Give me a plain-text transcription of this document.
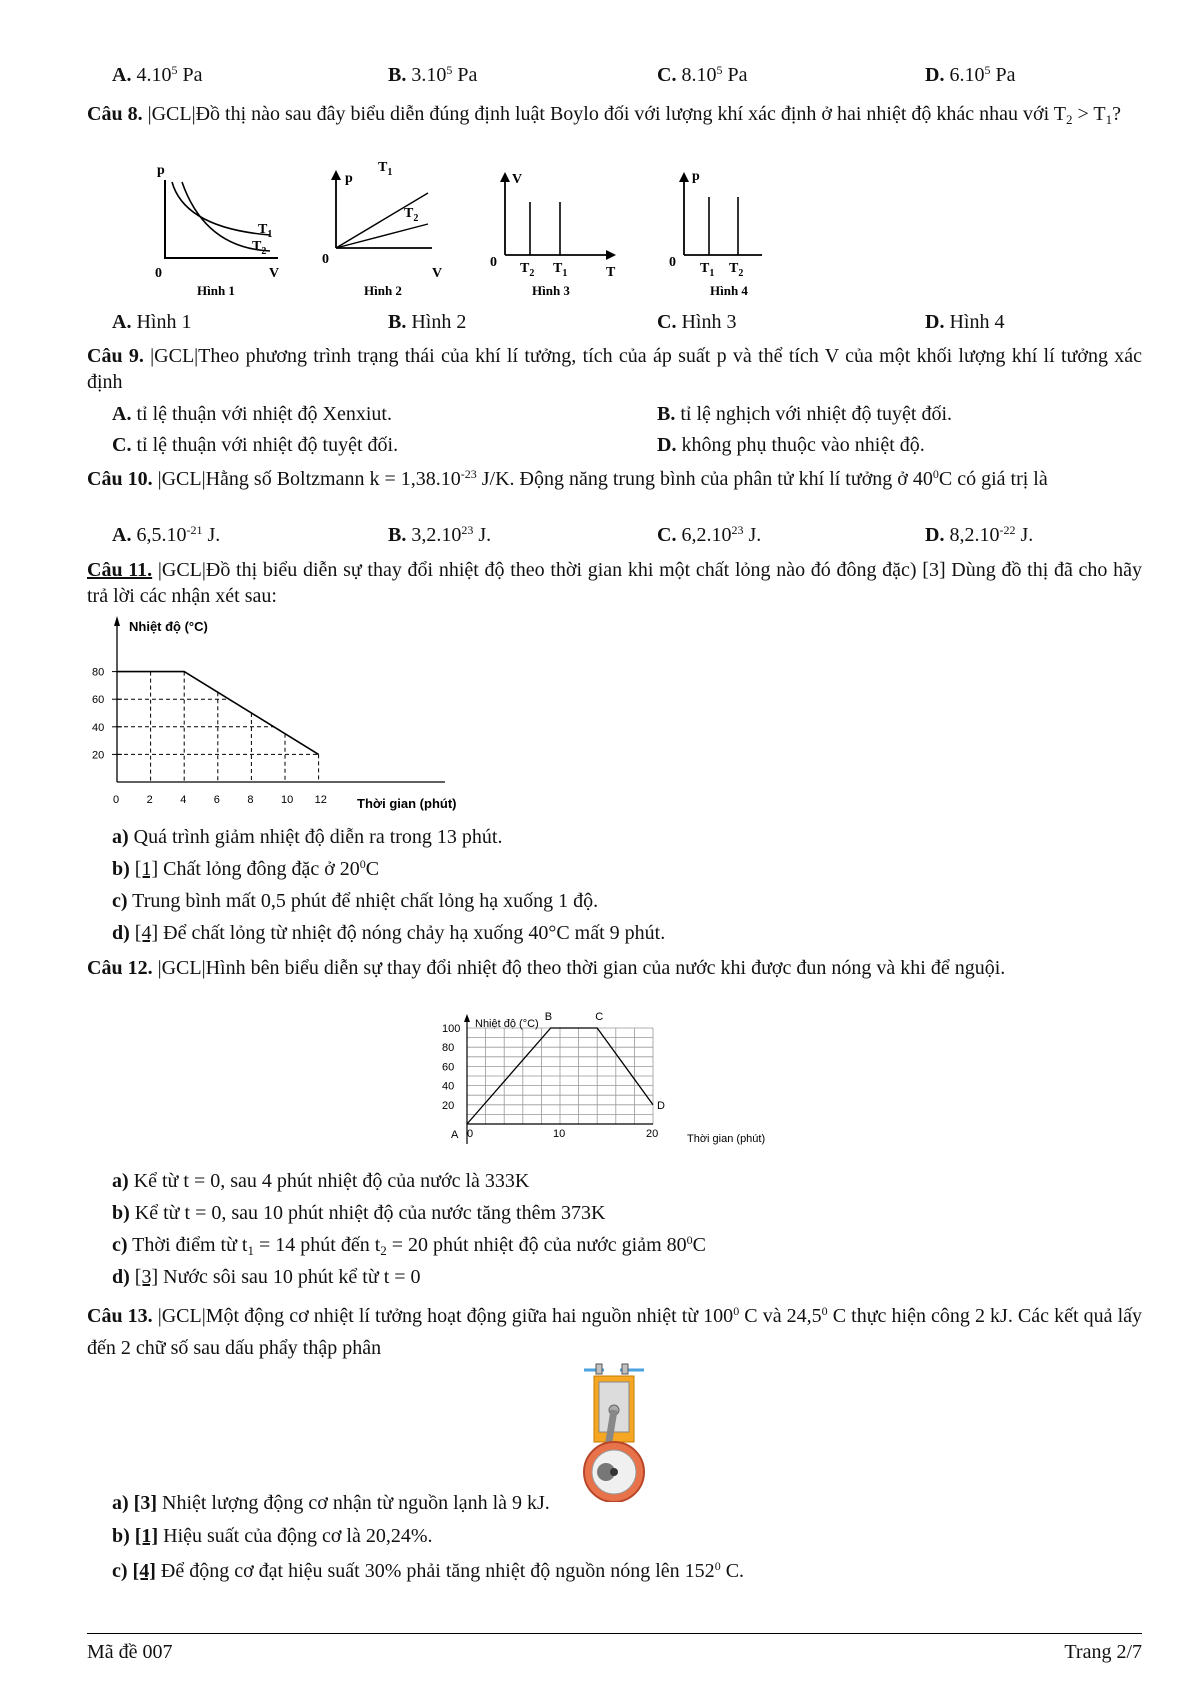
A. 4.10$^5$ Pa	B. 3.10$^5$ Pa	C. 8.10$^5$ Pa	D. 6.10$^5$ Pa
Câu 8. |GCL|Đồ thị nào sau đây biểu diễn đúng định luật Boylo đối với lượng khí xác định ở hai nhiệt độ khác nhau với $T_2 > T_1$?
p
$T_1$
$T_2$
0	V
Hình 1
p
$T_1$
$T_2$
0
V
Hình 2
V
0 $T_2$ $T_1$	T
Hình 3
p
0 $T_1$ $T_2$
Hình 4
A. Hình 1	B. Hình 2	C. Hình 3	D. Hình 4
Câu 9. |GCL|Theo phương trình trạng thái của khí lí tưởng, tích của áp suất p và thể tích V của một khối lượng khí lí tưởng xác định
A. tỉ lệ thuận với nhiệt độ Xenxiut.	B. tỉ lệ nghịch với nhiệt độ tuyệt đối.
C. tỉ lệ thuận với nhiệt độ tuyệt đối.	D. không phụ thuộc vào nhiệt độ.
Câu 10. |GCL|Hằng số Boltzmann $k = 1,38.10^{-23}$ J/K. Động năng trung bình của phân tử khí lí tưởng ở $40^0C$ có giá trị là
A. $6,5.10^{-21}$ J.	B. 3,2.10$^{23}$ J.	C. 6,2.10$^{23}$ J.	D. $8,2.10^{-22}$ J.
Câu 11. |GCL|Đồ thị biểu diễn sự thay đổi nhiệt độ theo thời gian khi một chất lỏng nào đó đông đặc) [3] Dùng đồ thị đã cho hãy trả lời các nhận xét sau:
Nhiệt độ (°C)
Thời gian (phút)
20
40
60
80
0 2 4 6 8 10 12
a) Quá trình giảm nhiệt độ diễn ra trong 13 phút.
b) [1] Chất lỏng đông đặc ở $20^0C$
c) Trung bình mất 0,5 phút để nhiệt chất lỏng hạ xuống 1 độ.
d) [4] Để chất lỏng từ nhiệt độ nóng chảy hạ xuống 40°C mất 9 phút.
Câu 12. |GCL|Hình bên biểu diễn sự thay đổi nhiệt độ theo thời gian của nước khi được đun nóng và khi để nguội.
Nhiệt độ (°C)
Thời gian (phút)
20
40
60
80
100
0	10	20
A
B	C
D
a) Kể từ t = 0, sau 4 phút nhiệt độ của nước là 333K
b) Kể từ t = 0, sau 10 phút nhiệt độ của nước tăng thêm 373K
c) Thời điểm từ $t_1 = 14$ phút đến $t_2 = 20$ phút nhiệt độ của nước giảm $80^0C$
d) [3] Nước sôi sau 10 phút kể từ t = 0
Câu 13. |GCL|Một động cơ nhiệt lí tưởng hoạt động giữa hai nguồn nhiệt từ $100^0$ C và 24,5$^0$ C thực hiện công 2 kJ. Các kết quả lấy đến 2 chữ số sau dấu phẩy thập phân
a) [3] Nhiệt lượng động cơ nhận từ nguồn lạnh là 9 kJ.
b) [1] Hiệu suất của động cơ là 20,24%.
c) [4] Để động cơ đạt hiệu suất 30% phải tăng nhiệt độ nguồn nóng lên $152^0$ C.
Mã đề 007	Trang 2/7
